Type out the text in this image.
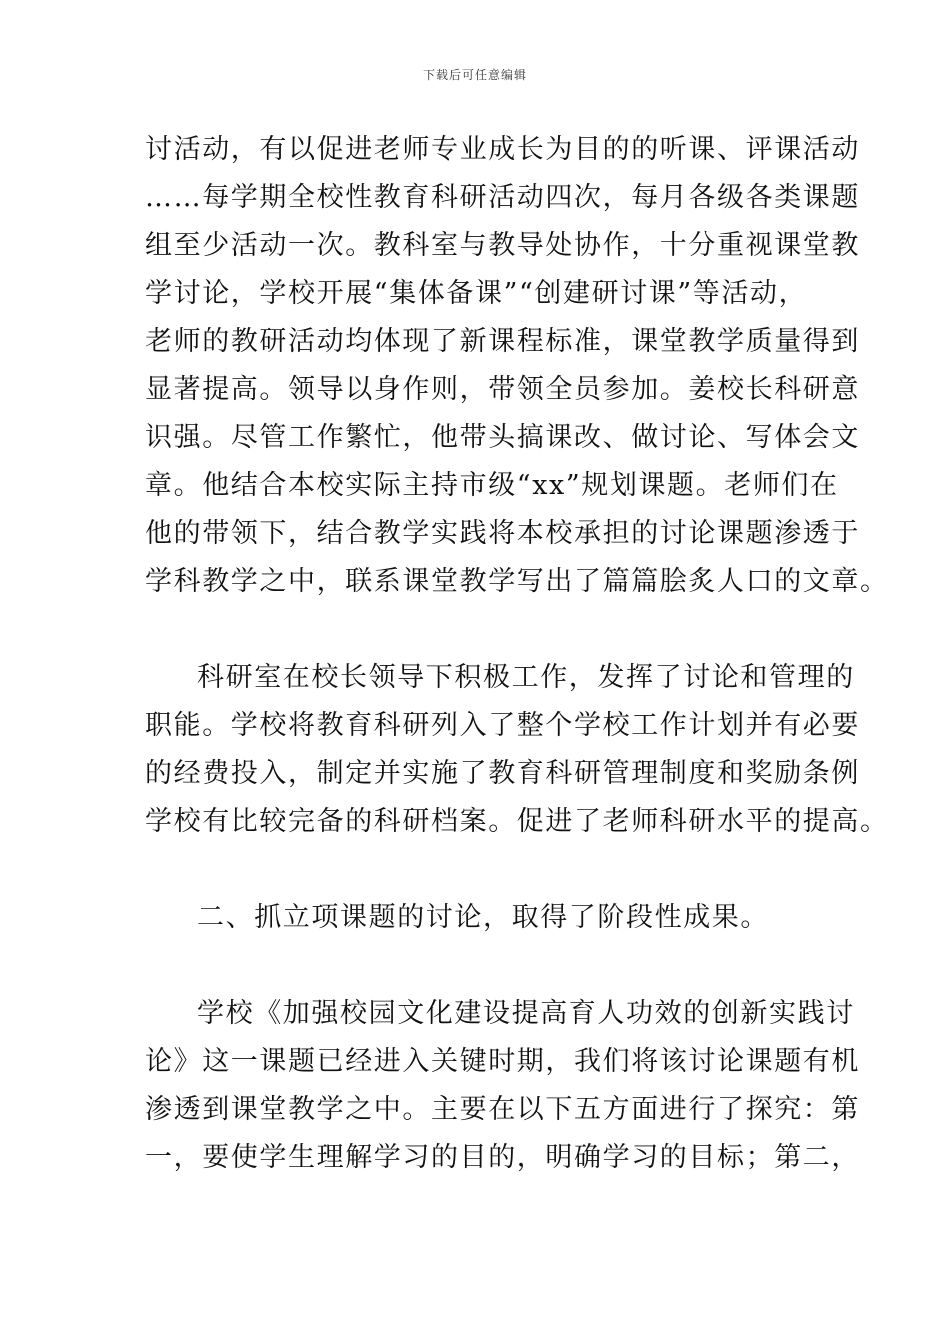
下载后可任意编辑
讨活动，有以促进老师专业成长为目的的听课、评课活动
……每学期全校性教育科研活动四次，每月各级各类课题
组至少活动一次。教科室与教导处协作，十分重视课堂教
学讨论，学校开展“集体备课”“创建研讨课”等活动，
老师的教研活动均体现了新课程标准，课堂教学质量得到
显著提高。领导以身作则，带领全员参加。姜校长科研意
识强。尽管工作繁忙，他带头搞课改、做讨论、写体会文
章。他结合本校实际主持市级“xx”规划课题。老师们在
他的带领下，结合教学实践将本校承担的讨论课题渗透于
学科教学之中，联系课堂教学写出了篇篇脍炙人口的文章。
科研室在校长领导下积极工作，发挥了讨论和管理的
职能。学校将教育科研列入了整个学校工作计划并有必要
的经费投入，制定并实施了教育科研管理制度和奖励条例
学校有比较完备的科研档案。促进了老师科研水平的提高。
二、抓立项课题的讨论，取得了阶段性成果。
学校《加强校园文化建设提高育人功效的创新实践讨
论》这一课题已经进入关键时期，我们将该讨论课题有机
渗透到课堂教学之中。主要在以下五方面进行了探究：第
一，要使学生理解学习的目的，明确学习的目标；第二，
